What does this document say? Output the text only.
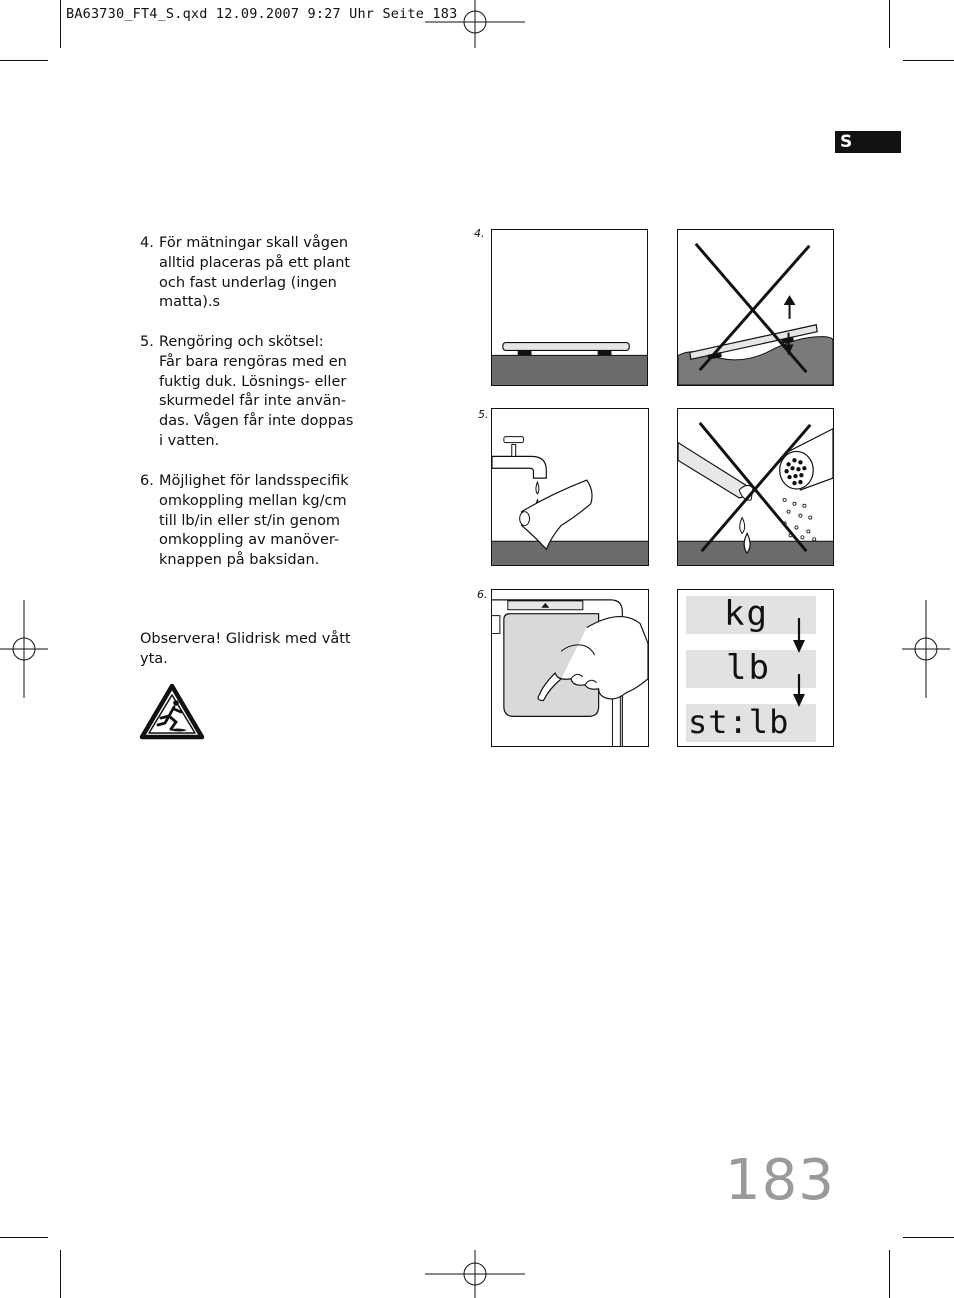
BA63730_FT4_S.qxd 12.09.2007 9:27 Uhr Seite 183
S
4. För mätningar skall vågen
alltid placeras på ett plant
och fast underlag (ingen
matta).s
5. Rengöring och skötsel:
Får bara rengöras med en
fuktig duk. Lösnings- eller
skurmedel får inte använ-
das. Vågen får inte doppas
i vatten.
6. Möjlighet för landsspecifik
omkoppling mellan kg/cm
till lb/in eller st/in genom
omkoppling av manöver-
knappen på baksidan.
Observera! Glidrisk med vått
yta.
4.
5.
6.	kg
lb
st:lb
183
